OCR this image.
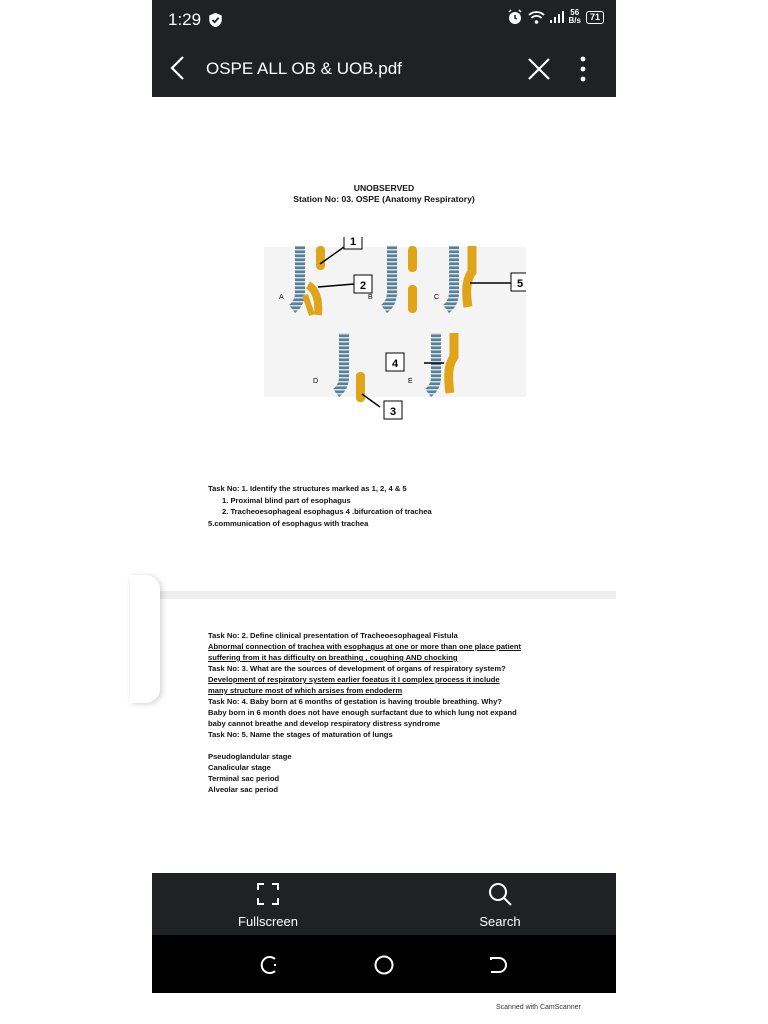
1:29	56
B/s	71
OSPE ALL OB & UOB.pdf
UNOBSERVED
Station No: 03. OSPE (Anatomy Respiratory)
1
2
3
4
5
A	B	C
D	E
Task No: 1. Identify the structures marked as 1, 2, 4 & 5
1. Proximal blind part of esophagus
2. Tracheoesophageal esophagus 4 .bifurcation of trachea
5.communication of esophagus with trachea
Task No: 2. Define clinical presentation of Tracheoesophageal Fistula
Abnormal connection of trachea with esophagus at one or more than one place patient
suffering from it has difficulty on breathing , coughing AND chocking
Task No: 3. What are the sources of development of organs of respiratory system?
Development of respiratory system earlier foeatus it I complex process it include
many structure most of which arsises from endoderm
Task No: 4. Baby born at 6 months of gestation is having trouble breathing. Why?
Baby born in 6 month does not have enough surfactant due to which lung not expand
baby cannot breathe and develop respiratory distress syndrome
Task No: 5. Name the stages of maturation of lungs
Pseudoglandular stage
Canalicular stage
Terminal sac period
Alveolar sac period
Fullscreen	Search
Scanned with CamScanner
